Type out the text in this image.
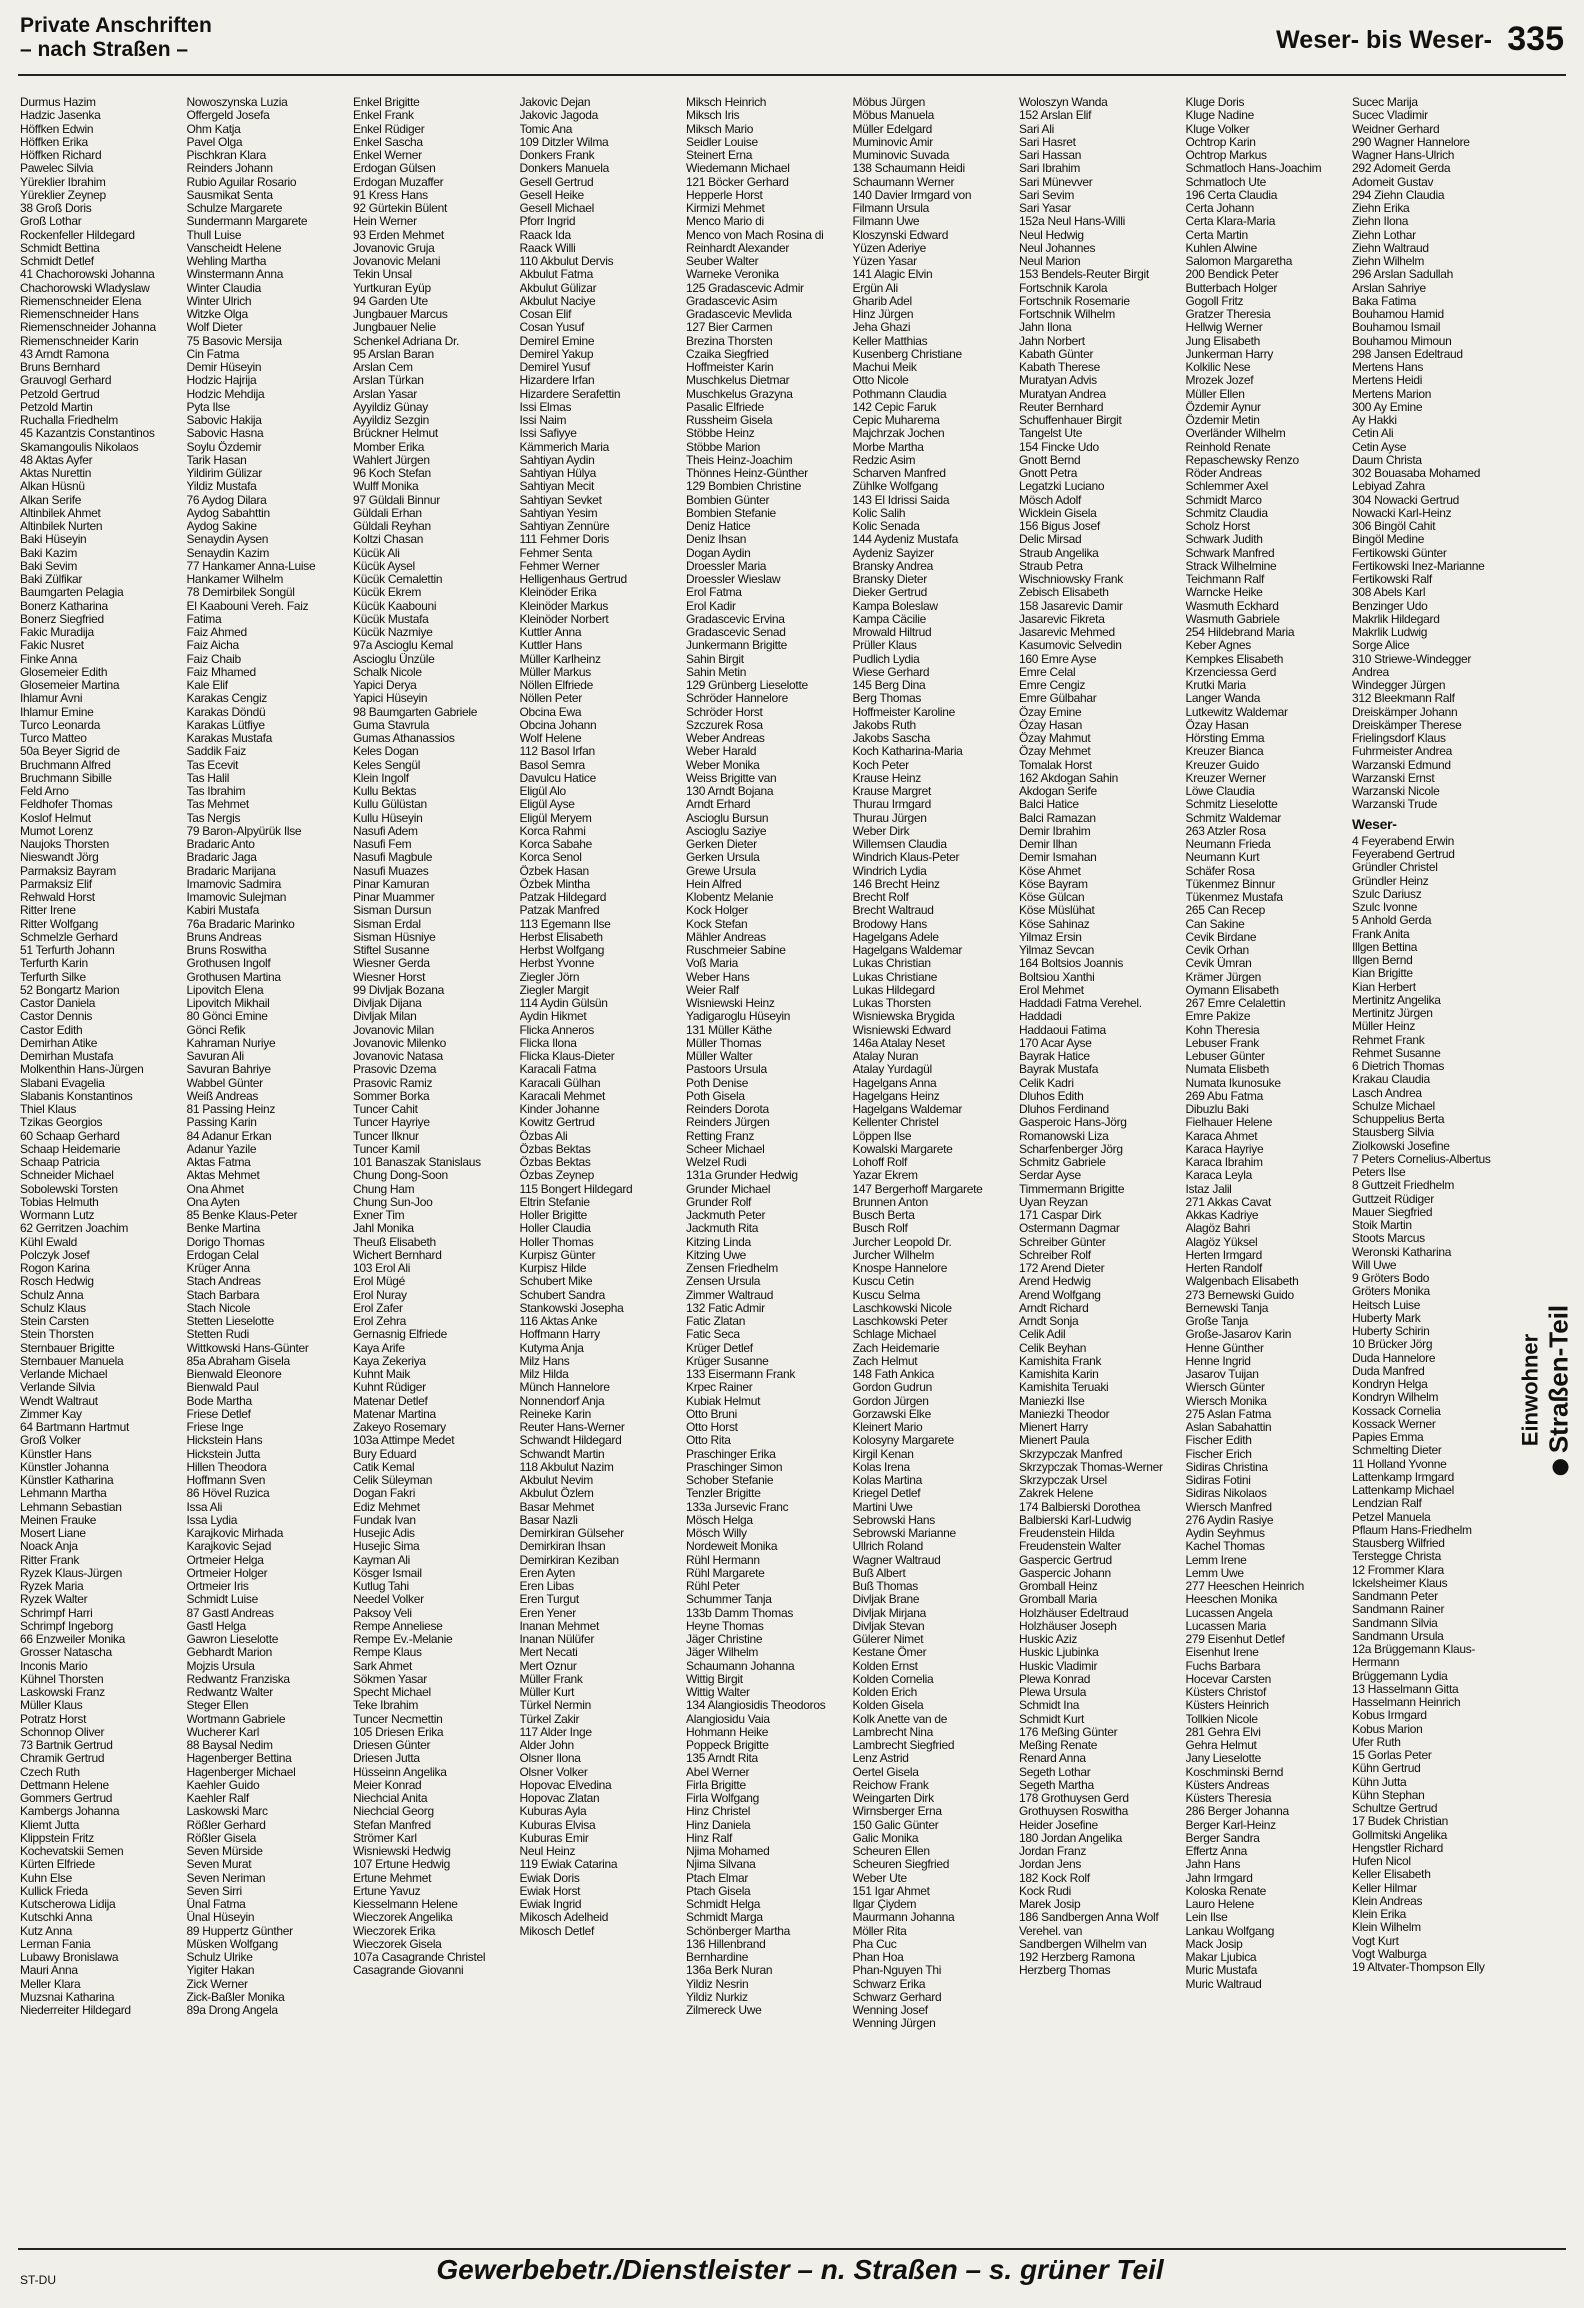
Private Anschriften
– nach Straßen –	Weser- bis Weser- 335
Durmus Hazim
Hadzic Jasenka
Höffken Edwin
Höffken Erika
Höffken Richard
Pawelec Silvia
Yüreklier Ibrahim
Yüreklier Zeynep
38 Groß Doris
Groß Lothar
Rockenfeller Hildegard
Schmidt Bettina
Schmidt Detlef
41 Chachorowski Johanna
Chachorowski Wladyslaw
Riemenschneider Elena
Riemenschneider Hans
Riemenschneider Johanna
Riemenschneider Karin
43 Arndt Ramona
Bruns Bernhard
Grauvogl Gerhard
Petzold Gertrud
Petzold Martin
Ruchalla Friedhelm
45 Kazantzis Constantinos
Skamangoulis Nikolaos
48 Aktas Ayfer
Aktas Nurettin
Alkan Hüsnü
Alkan Serife
Altinbilek Ahmet
Altinbilek Nurten
Baki Hüseyin
Baki Kazim
Baki Sevim
Baki Zülfikar
Baumgarten Pelagia
Bonerz Katharina
Bonerz Siegfried
Fakic Muradija
Fakic Nusret
Finke Anna
Glosemeier Edith
Glosemeier Martina
Ihlamur Avni
Ihlamur Emine
Turco Leonarda
Turco Matteo
50a Beyer Sigrid de
Bruchmann Alfred
Bruchmann Sibille
Feld Arno
Feldhofer Thomas
Koslof Helmut
Mumot Lorenz
Naujoks Thorsten
Nieswandt Jörg
Parmaksiz Bayram
Parmaksiz Elif
Rehwald Horst
Ritter Irene
Ritter Wolfgang
Schmelzle Gerhard
51 Terfurth Johann
Terfurth Karin
Terfurth Silke
52 Bongartz Marion
Castor Daniela
Castor Dennis
Castor Edith
Demirhan Atike
Demirhan Mustafa
Molkenthin Hans-Jürgen
Slabani Evagelia
Slabanis Konstantinos
Thiel Klaus
Tzikas Georgios
60 Schaap Gerhard
Schaap Heidemarie
Schaap Patricia
Schneider Michael
Sobolewski Torsten
Tobias Helmuth
Wormann Lutz
62 Gerritzen Joachim
Kühl Ewald
Polczyk Josef
Rogon Karina
Rosch Hedwig
Schulz Anna
Schulz Klaus
Stein Carsten
Stein Thorsten
Sternbauer Brigitte
Sternbauer Manuela
Verlande Michael
Verlande Silvia
Wendt Waltraut
Zimmer Kay
64 Bartmann Hartmut
Groß Volker
Künstler Hans
Künstler Johanna
Künstler Katharina
Lehmann Martha
Lehmann Sebastian
Meinen Frauke
Mosert Liane
Noack Anja
Ritter Frank
Ryzek Klaus-Jürgen
Ryzek Maria
Ryzek Walter
Schrimpf Harri
Schrimpf Ingeborg
66 Enzweiler Monika
Grosser Natascha
Inconis Mario
Kühnel Thorsten
Laskowski Franz
Müller Klaus
Potratz Horst
Schonnop Oliver
73 Bartnik Gertrud
Chramik Gertrud
Czech Ruth
Dettmann Helene
Gommers Gertrud
Kambergs Johanna
Kliemt Jutta
Klippstein Fritz
Kochevatskii Semen
Kürten Elfriede
Kuhn Else
Kullick Frieda
Kutscherowa Lidija
Kutschki Anna
Kutz Anna
Lerman Fania
Lubawy Bronislawa
Mauri Anna
Meller Klara
Muzsnai Katharina
Niederreiter Hildegard
Nowoszynska Luzia
Offergeld Josefa
Ohm Katja
Pavel Olga
Pischkran Klara
Reinders Johann
Rubio Aguilar Rosario
Sausmikat Senta
Schulze Margarete
Sundermann Margarete
Thull Luise
Vanscheidt Helene
Wehling Martha
Winstermann Anna
Winter Claudia
Winter Ulrich
Witzke Olga
Wolf Dieter
75 Basovic Mersija
Cin Fatma
Demir Hüseyin
Hodzic Hajrija
Hodzic Mehdija
Pyta Ilse
Sabovic Hakija
Sabovic Hasna
Soylu Özdemir
Tarik Hasan
Yildirim Gülizar
Yildiz Mustafa
76 Aydog Dilara
Aydog Sabahttin
Aydog Sakine
Senaydin Aysen
Senaydin Kazim
77 Hankamer Anna-Luise
Hankamer Wilhelm
78 Demirbilek Songül
El Kaabouni Vereh. Faiz
Fatima
Faiz Ahmed
Faiz Aicha
Faiz Chaib
Faiz Mhamed
Kale Elif
Karakas Cengiz
Karakas Döndü
Karakas Lütfiye
Karakas Mustafa
Saddik Faiz
Tas Ecevit
Tas Halil
Tas Ibrahim
Tas Mehmet
Tas Nergis
79 Baron-Alpyürük Ilse
Bradaric Anto
Bradaric Jaga
Bradaric Marijana
Imamovic Sadmira
Imamovic Sulejman
Kabiri Mustafa
76a Bradaric Marinko
Bruns Andreas
Bruns Roswitha
Grothusen Ingolf
Grothusen Martina
Lipovitch Elena
Lipovitch Mikhail
80 Gönci Emine
Gönci Refik
Kahraman Nuriye
Savuran Ali
Savuran Bahriye
Wabbel Günter
Weiß Andreas
81 Passing Heinz
Passing Karin
84 Adanur Erkan
Adanur Yazile
Aktas Fatma
Aktas Mehmet
Ona Ahmet
Ona Ayten
85 Benke Klaus-Peter
Benke Martina
Dorigo Thomas
Erdogan Celal
Krüger Anna
Stach Andreas
Stach Barbara
Stach Nicole
Stetten Lieselotte
Stetten Rudi
Wittkowski Hans-Günter
85a Abraham Gisela
Bienwald Eleonore
Bienwald Paul
Bode Martha
Friese Detlef
Friese Inge
Hickstein Hans
Hickstein Jutta
Hillen Theodora
Hoffmann Sven
86 Hövel Ruzica
Issa Ali
Issa Lydia
Karajkovic Mirhada
Karajkovic Sejad
Ortmeier Helga
Ortmeier Holger
Ortmeier Iris
Schmidt Luise
87 Gastl Andreas
Gastl Helga
Gawron Lieselotte
Gebhardt Marion
Mojzis Ursula
Redwantz Franziska
Redwantz Walter
Steger Ellen
Wortmann Gabriele
Wucherer Karl
88 Baysal Nedim
Hagenberger Bettina
Hagenberger Michael
Kaehler Guido
Kaehler Ralf
Laskowski Marc
Rößler Gerhard
Rößler Gisela
Seven Mürside
Seven Murat
Seven Neriman
Seven Sirri
Ünal Fatma
Ünal Hüseyin
89 Huppertz Günther
Müsken Wolfgang
Schulz Ulrike
Yigiter Hakan
Zick Werner
Zick-Baßler Monika
89a Drong Angela
Enkel Brigitte
Enkel Frank
Enkel Rüdiger
Enkel Sascha
Enkel Werner
Erdogan Gülsen
Erdogan Muzaffer
91 Kress Hans
92 Gürtekin Bülent
Hein Werner
93 Erden Mehmet
Jovanovic Gruja
Jovanovic Melani
Tekin Unsal
Yurtkuran Eyüp
94 Garden Ute
Jungbauer Marcus
Jungbauer Nelie
Schenkel Adriana Dr.
95 Arslan Baran
Arslan Cem
Arslan Türkan
Arslan Yasar
Ayyildiz Günay
Ayyildiz Sezgin
Brückner Helmut
Momber Erika
Wahlert Jürgen
96 Koch Stefan
Wulff Monika
97 Güldali Binnur
Güldali Erhan
Güldali Reyhan
Koltzi Chasan
Kücük Ali
Kücük Aysel
Kücük Cemalettin
Kücük Ekrem
Kücük Kaabouni
Kücük Mustafa
Kücük Nazmiye
97a Ascioglu Kemal
Ascioglu Ünzüle
Schalk Nicole
Yapici Derya
Yapici Hüseyin
98 Baumgarten Gabriele
Guma Stavrula
Gumas Athanassios
Keles Dogan
Keles Sengül
Klein Ingolf
Kullu Bektas
Kullu Gülüstan
Kullu Hüseyin
Nasufi Adem
Nasufi Fem
Nasufi Magbule
Nasufi Muazes
Pinar Kamuran
Pinar Muammer
Sisman Dursun
Sisman Erdal
Sisman Hüsniye
Stiftel Susanne
Wiesner Gerda
Wiesner Horst
99 Divljak Bozana
Divljak Dijana
Divljak Milan
Jovanovic Milan
Jovanovic Milenko
Jovanovic Natasa
Prasovic Dzema
Prasovic Ramiz
Sommer Borka
Tuncer Cahit
Tuncer Hayriye
Tuncer Ilknur
Tuncer Kamil
101 Banaszak Stanislaus
Chung Dong-Soon
Chung Ham
Chung Sun-Joo
Exner Tim
Jahl Monika
Theuß Elisabeth
Wichert Bernhard
103 Erol Ali
Erol Mügé
Erol Nuray
Erol Zafer
Erol Zehra
Gernasnig Elfriede
Kaya Arife
Kaya Zekeriya
Kuhnt Maik
Kuhnt Rüdiger
Matenar Detlef
Matenar Martina
Zakeyo Rosemary
103a Attimpe Medet
Bury Eduard
Catik Kemal
Celik Süleyman
Dogan Fakri
Ediz Mehmet
Fundak Ivan
Husejic Adis
Husejic Sima
Kayman Ali
Kösger Ismail
Kutlug Tahi
Needel Volker
Paksoy Veli
Rempe Anneliese
Rempe Ev.-Melanie
Rempe Klaus
Sark Ahmet
Sökmen Yasar
Specht Michael
Teke Ibrahim
Tuncer Necmettin
105 Driesen Erika
Driesen Günter
Driesen Jutta
Hüsseinn Angelika
Meier Konrad
Niechcial Anita
Niechcial Georg
Stefan Manfred
Strömer Karl
Wisniewski Hedwig
107 Ertune Hedwig
Ertune Mehmet
Ertune Yavuz
Kiesselmann Helene
Wieczorek Angelika
Wieczorek Erika
Wieczorek Gisela
107a Casagrande Christel
Casagrande Giovanni
Jakovic Dejan
Jakovic Jagoda
Tomic Ana
109 Ditzler Wilma
Donkers Frank
Donkers Manuela
Gesell Gertrud
Gesell Heike
Gesell Michael
Pforr Ingrid
Raack Ida
Raack Willi
110 Akbulut Dervis
Akbulut Fatma
Akbulut Gülizar
Akbulut Naciye
Cosan Elif
Cosan Yusuf
Demirel Emine
Demirel Yakup
Demirel Yusuf
Hizardere Irfan
Hizardere Serafettin
Issi Elmas
Issi Naim
Issi Safiyye
Kämmerich Maria
Sahtiyan Aydin
Sahtiyan Hülya
Sahtiyan Mecit
Sahtiyan Sevket
Sahtiyan Yesim
Sahtiyan Zennüre
111 Fehmer Doris
Fehmer Senta
Fehmer Werner
Helligenhaus Gertrud
Kleinöder Erika
Kleinöder Markus
Kleinöder Norbert
Kuttler Anna
Kuttler Hans
Müller Karlheinz
Müller Markus
Nöllen Elfriede
Nöllen Peter
Obcina Ewa
Obcina Johann
Wolf Helene
112 Basol Irfan
Basol Semra
Davulcu Hatice
Eligül Alo
Eligül Ayse
Eligül Meryem
Korca Rahmi
Korca Sabahe
Korca Senol
Özbek Hasan
Özbek Mintha
Patzak Hildegard
Patzak Manfred
113 Egemann Ilse
Herbst Elisabeth
Herbst Wolfgang
Herbst Yvonne
Ziegler Jörn
Ziegler Margit
114 Aydin Gülsün
Aydin Hikmet
Flicka Anneros
Flicka Ilona
Flicka Klaus-Dieter
Karacali Fatma
Karacali Gülhan
Karacali Mehmet
Kinder Johanne
Kowitz Gertrud
Özbas Ali
Özbas Bektas
Özbas Bektas
Özbas Zeynep
115 Bongert Hildegard
Eltrin Stefanie
Holler Brigitte
Holler Claudia
Holler Thomas
Kurpisz Günter
Kurpisz Hilde
Schubert Mike
Schubert Sandra
Stankowski Josepha
116 Aktas Anke
Hoffmann Harry
Kutyma Anja
Milz Hans
Milz Hilda
Münch Hannelore
Nonnendorf Anja
Reineke Karin
Reuter Hans-Werner
Schwandt Hildegard
Schwandt Martin
118 Akbulut Nazim
Akbulut Nevim
Akbulut Özlem
Basar Mehmet
Basar Nazli
Demirkiran Gülseher
Demirkiran Ihsan
Demirkiran Keziban
Eren Ayten
Eren Libas
Eren Turgut
Eren Yener
Inanan Mehmet
Inanan Nülüfer
Mert Necati
Mert Oznur
Müller Frank
Müller Kurt
Türkel Nermin
Türkel Zakir
117 Alder Inge
Alder John
Olsner Ilona
Olsner Volker
Hopovac Elvedina
Hopovac Zlatan
Kuburas Ayla
Kuburas Elvisa
Kuburas Emir
Neul Heinz
119 Ewiak Catarina
Ewiak Doris
Ewiak Horst
Ewiak Ingrid
Mikosch Adelheid
Mikosch Detlef
Miksch Heinrich
Miksch Iris
Miksch Mario
Seidler Louise
Steinert Erna
Wiedemann Michael
121 Böcker Gerhard
Hepperle Horst
Kirmizi Mehmet
Menco Mario di
Menco von Mach Rosina di
Reinhardt Alexander
Seuber Walter
Warneke Veronika
125 Gradascevic Admir
Gradascevic Asim
Gradascevic Mevlida
127 Bier Carmen
Brezina Thorsten
Czaika Siegfried
Hoffmeister Karin
Muschkelus Dietmar
Muschkelus Grazyna
Pasalic Elfriede
Russheim Gisela
Stöbbe Heinz
Stöbbe Marion
Theis Heinz-Joachim
Thönnes Heinz-Günther
129 Bombien Christine
Bombien Günter
Bombien Stefanie
Deniz Hatice
Deniz Ihsan
Dogan Aydin
Droessler Maria
Droessler Wieslaw
Erol Fatma
Erol Kadir
Gradascevic Ervina
Gradascevic Senad
Junkermann Brigitte
Sahin Birgit
Sahin Metin
129 Grünberg Lieselotte
Schröder Hannelore
Schröder Horst
Szczurek Rosa
Weber Andreas
Weber Harald
Weber Monika
Weiss Brigitte van
130 Arndt Bojana
Arndt Erhard
Ascioglu Bursun
Ascioglu Saziye
Gerken Dieter
Gerken Ursula
Grewe Ursula
Hein Alfred
Klobentz Melanie
Kock Holger
Kock Stefan
Mähler Andreas
Ruschmeier Sabine
Voß Maria
Weber Hans
Weier Ralf
Wisniewski Heinz
Yadigaroglu Hüseyin
131 Müller Käthe
Müller Thomas
Müller Walter
Pastoors Ursula
Poth Denise
Poth Gisela
Reinders Dorota
Reinders Jürgen
Retting Franz
Scheer Michael
Welzel Rudi
131a Grunder Hedwig
Grunder Michael
Grunder Rolf
Jackmuth Peter
Jackmuth Rita
Kitzing Linda
Kitzing Uwe
Zensen Friedhelm
Zensen Ursula
Zimmer Waltraud
132 Fatic Admir
Fatic Zlatan
Fatic Seca
Krüger Detlef
Krüger Susanne
133 Eisermann Frank
Krpec Rainer
Kubiak Helmut
Otto Bruni
Otto Horst
Otto Rita
Praschinger Erika
Praschinger Simon
Schober Stefanie
Tenzler Brigitte
133a Jursevic Franc
Mösch Helga
Mösch Willy
Nordeweit Monika
Rühl Hermann
Rühl Margarete
Rühl Peter
Schummer Tanja
133b Damm Thomas
Heyne Thomas
Jäger Christine
Jäger Wilhelm
Schaumann Johanna
Wittig Birgit
Wittig Walter
134 Alangiosidis Theodoros
Alangiosidu Vaia
Hohmann Heike
Poppeck Brigitte
135 Arndt Rita
Abel Werner
Firla Brigitte
Firla Wolfgang
Hinz Christel
Hinz Daniela
Hinz Ralf
Njima Mohamed
Njima Silvana
Ptach Elmar
Ptach Gisela
Schmidt Helga
Schmidt Marga
Schönberger Martha
136 Hillenbrand
Bernhardine
136a Berk Nuran
Yildiz Nesrin
Yildiz Nurkiz
Zilmereck Uwe
Möbus Jürgen
Möbus Manuela
Müller Edelgard
Muminovic Amir
Muminovic Suvada
138 Schaumann Heidi
Schaumann Werner
140 Davier Irmgard von
Filmann Ursula
Filmann Uwe
Kloszynski Edward
Yüzen Aderiye
Yüzen Yasar
141 Alagic Elvin
Ergün Ali
Gharib Adel
Hinz Jürgen
Jeha Ghazi
Keller Matthias
Kusenberg Christiane
Machui Meik
Otto Nicole
Pothmann Claudia
142 Cepic Faruk
Cepic Muharema
Majchrzak Jochen
Morbe Martha
Redzic Asim
Scharven Manfred
Zühlke Wolfgang
143 El Idrissi Saida
Kolic Salih
Kolic Senada
144 Aydeniz Mustafa
Aydeniz Sayizer
Bransky Andrea
Bransky Dieter
Dieker Gertrud
Kampa Boleslaw
Kampa Cäcilie
Mrowald Hiltrud
Prüller Klaus
Pudlich Lydia
Wiese Gerhard
145 Berg Dina
Berg Thomas
Hoffmeister Karoline
Jakobs Ruth
Jakobs Sascha
Koch Katharina-Maria
Koch Peter
Krause Heinz
Krause Margret
Thurau Irmgard
Thurau Jürgen
Weber Dirk
Willemsen Claudia
Windrich Klaus-Peter
Windrich Lydia
146 Brecht Heinz
Brecht Rolf
Brecht Waltraud
Brodowy Hans
Hagelgans Adele
Hagelgans Waldemar
Lukas Christian
Lukas Christiane
Lukas Hildegard
Lukas Thorsten
Wisniewska Brygida
Wisniewski Edward
146a Atalay Neset
Atalay Nuran
Atalay Yurdagül
Hagelgans Anna
Hagelgans Heinz
Hagelgans Waldemar
Kellenter Christel
Löppen Ilse
Kowalski Margarete
Lohoff Rolf
Yazar Ekrem
147 Bergerhoff Margarete
Brunnen Anton
Busch Berta
Busch Rolf
Jurcher Leopold Dr.
Jurcher Wilhelm
Knospe Hannelore
Kuscu Cetin
Kuscu Selma
Laschkowski Nicole
Laschkowski Peter
Schlage Michael
Zach Heidemarie
Zach Helmut
148 Fath Ankica
Gordon Gudrun
Gordon Jürgen
Gorzawski Elke
Kleinert Mario
Kolosyny Margarete
Kirgil Kenan
Kolas Irena
Kolas Martina
Kriegel Detlef
Martini Uwe
Sebrowski Hans
Sebrowski Marianne
Ullrich Roland
Wagner Waltraud
Buß Albert
Buß Thomas
Divljak Brane
Divljak Mirjana
Divljak Stevan
Gülerer Nimet
Kestane Ömer
Kolden Ernst
Kolden Cornelia
Kolden Erich
Kolden Gisela
Kolk Anette van de
Lambrecht Nina
Lambrecht Siegfried
Lenz Astrid
Oertel Gisela
Reichow Frank
Weingarten Dirk
Wirnsberger Erna
150 Galic Günter
Galic Monika
Scheuren Ellen
Scheuren Siegfried
Weber Ute
151 Igar Ahmet
Ilgar Çiydem
Maurmann Johanna
Möller Rita
Pha Cuc
Phan Hoa
Phan-Nguyen Thi
Schwarz Erika
Schwarz Gerhard
Wenning Josef
Wenning Jürgen
Woloszyn Wanda
152 Arslan Elif
Sari Ali
Sari Hasret
Sari Hassan
Sari Ibrahim
Sari Münevver
Sari Sevim
Sari Yasar
152a Neul Hans-Willi
Neul Hedwig
Neul Johannes
Neul Marion
153 Bendels-Reuter Birgit
Fortschnik Karola
Fortschnik Rosemarie
Fortschnik Wilhelm
Jahn Ilona
Jahn Norbert
Kabath Günter
Kabath Therese
Muratyan Advis
Muratyan Andrea
Reuter Bernhard
Schuffenhauer Birgit
Tangelst Ute
154 Fincke Udo
Gnott Bernd
Gnott Petra
Legatzki Luciano
Mösch Adolf
Wicklein Gisela
156 Bigus Josef
Delic Mirsad
Straub Angelika
Straub Petra
Wischniowsky Frank
Zebisch Elisabeth
158 Jasarevic Damir
Jasarevic Fikreta
Jasarevic Mehmed
Kasumovic Selvedin
160 Emre Ayse
Emre Celal
Emre Cengiz
Emre Gülbahar
Özay Emine
Özay Hasan
Özay Mahmut
Özay Mehmet
Tomalak Horst
162 Akdogan Sahin
Akdogan Serife
Balci Hatice
Balci Ramazan
Demir Ibrahim
Demir Ilhan
Demir Ismahan
Köse Ahmet
Köse Bayram
Köse Gülcan
Köse Müslühat
Köse Sahinaz
Yilmaz Ersin
Yilmaz Sevcan
164 Boltsios Joannis
Boltsiou Xanthi
Erol Mehmet
Haddadi Fatma Verehel.
Haddadi
Haddaoui Fatima
170 Acar Ayse
Bayrak Hatice
Bayrak Mustafa
Celik Kadri
Dluhos Edith
Dluhos Ferdinand
Gasperoic Hans-Jörg
Romanowski Liza
Scharfenberger Jörg
Schmitz Gabriele
Serdar Ayse
Timmermann Brigitte
Uyan Reyzan
171 Caspar Dirk
Ostermann Dagmar
Schreiber Günter
Schreiber Rolf
172 Arend Dieter
Arend Hedwig
Arend Wolfgang
Arndt Richard
Arndt Sonja
Celik Adil
Celik Beyhan
Kamishita Frank
Kamishita Karin
Kamishita Teruaki
Maniezki Ilse
Maniezki Theodor
Mienert Harry
Mienert Paula
Skrzypczak Manfred
Skrzypczak Thomas-Werner
Skrzypczak Ursel
Zakrek Helene
174 Balbierski Dorothea
Balbierski Karl-Ludwig
Freudenstein Hilda
Freudenstein Walter
Gaspercic Gertrud
Gaspercic Johann
Gromball Heinz
Gromball Maria
Holzhäuser Edeltraud
Holzhäuser Joseph
Huskic Aziz
Huskic Ljubinka
Huskic Vladimir
Plewa Konrad
Plewa Ursula
Schmidt Ina
Schmidt Kurt
176 Meßing Günter
Meßing Renate
Renard Anna
Segeth Lothar
Segeth Martha
178 Grothuysen Gerd
Grothuysen Roswitha
Heider Josefine
180 Jordan Angelika
Jordan Franz
Jordan Jens
182 Kock Rolf
Kock Rudi
Marek Josip
186 Sandbergen Anna Wolf
Verehel. van
Sandbergen Wilhelm van
192 Herzberg Ramona
Herzberg Thomas
Kluge Doris
Kluge Nadine
Kluge Volker
Ochtrop Karin
Ochtrop Markus
Schmatloch Hans-Joachim
Schmatloch Ute
196 Certa Claudia
Certa Johann
Certa Klara-Maria
Certa Martin
Kuhlen Alwine
Salomon Margaretha
200 Bendick Peter
Butterbach Holger
Gogoll Fritz
Gratzer Theresia
Hellwig Werner
Jung Elisabeth
Junkerman Harry
Kolkilic Nese
Mrozek Jozef
Müller Ellen
Özdemir Aynur
Özdemir Metin
Overländer Wilhelm
Reinhold Renate
Repaschewsky Renzo
Röder Andreas
Schlemmer Axel
Schmidt Marco
Schmitz Claudia
Scholz Horst
Schwark Judith
Schwark Manfred
Strack Wilhelmine
Teichmann Ralf
Warncke Heike
Wasmuth Eckhard
Wasmuth Gabriele
254 Hildebrand Maria
Keber Agnes
Kempkes Elisabeth
Krzenciessa Gerd
Krutki Maria
Langer Wanda
Lutkewitz Waldemar
Özay Hasan
Hörsting Emma
Kreuzer Bianca
Kreuzer Guido
Kreuzer Werner
Löwe Claudia
Schmitz Lieselotte
Schmitz Waldemar
263 Atzler Rosa
Neumann Frieda
Neumann Kurt
Schäfer Rosa
Tükenmez Binnur
Tükenmez Mustafa
265 Can Recep
Can Sakine
Cevik Birdane
Cevik Orhan
Cevik Ümran
Krämer Jürgen
Oymann Elisabeth
267 Emre Celalettin
Emre Pakize
Kohn Theresia
Lebuser Frank
Lebuser Günter
Numata Elisbeth
Numata Ikunosuke
269 Abu Fatma
Dibuzlu Baki
Fielhauer Helene
Karaca Ahmet
Karaca Hayriye
Karaca Ibrahim
Karaca Leyla
Istaz Jalil
271 Akkas Cavat
Akkas Kadriye
Alagöz Bahri
Alagöz Yüksel
Herten Irmgard
Herten Randolf
Walgenbach Elisabeth
273 Bernewski Guido
Bernewski Tanja
Große Tanja
Große-Jasarov Karin
Henne Günther
Henne Ingrid
Jasarov Tuijan
Wiersch Günter
Wiersch Monika
275 Aslan Fatma
Aslan Sabahattin
Fischer Edith
Fischer Erich
Sidiras Christina
Sidiras Fotini
Sidiras Nikolaos
Wiersch Manfred
276 Aydin Rasiye
Aydin Seyhmus
Kachel Thomas
Lemm Irene
Lemm Uwe
277 Heeschen Heinrich
Heeschen Monika
Lucassen Angela
Lucassen Maria
279 Eisenhut Detlef
Eisenhut Irene
Fuchs Barbara
Hocevar Carsten
Küsters Christof
Küsters Heinrich
Tollkien Nicole
281 Gehra Elvi
Gehra Helmut
Jany Lieselotte
Koschminski Bernd
Küsters Andreas
Küsters Theresia
286 Berger Johanna
Berger Karl-Heinz
Berger Sandra
Effertz Anna
Jahn Hans
Jahn Irmgard
Koloska Renate
Lauro Helene
Lein Ilse
Lankau Wolfgang
Mack Josip
Makar Ljubica
Muric Mustafa
Muric Waltraud
Sucec Marija
Sucec Vladimir
Weidner Gerhard
290 Wagner Hannelore
Wagner Hans-Ulrich
292 Adomeit Gerda
Adomeit Gustav
294 Ziehn Claudia
Ziehn Erika
Ziehn Ilona
Ziehn Lothar
Ziehn Waltraud
Ziehn Wilhelm
296 Arslan Sadullah
Arslan Sahriye
Baka Fatima
Bouhamou Hamid
Bouhamou Ismail
Bouhamou Mimoun
298 Jansen Edeltraud
Mertens Hans
Mertens Heidi
Mertens Marion
300 Ay Emine
Ay Hakki
Cetin Ali
Cetin Ayse
Daum Christa
302 Bouasaba Mohamed
Lebiyad Zahra
304 Nowacki Gertrud
Nowacki Karl-Heinz
306 Bingöl Cahit
Bingöl Medine
Fertikowski Günter
Fertikowski Inez-Marianne
Fertikowski Ralf
308 Abels Karl
Benzinger Udo
Makrlik Hildegard
Makrlik Ludwig
Sorge Alice
310 Striewe-Windegger
Andrea
Windegger Jürgen
312 Bleekmann Ralf
Dreiskämper Johann
Dreiskämper Therese
Frielingsdorf Klaus
Fuhrmeister Andrea
Warzanski Edmund
Warzanski Ernst
Warzanski Nicole
Warzanski Trude
Weser-
4 Feyerabend Erwin
Feyerabend Gertrud
Gründler Christel
Gründler Heinz
Szulc Dariusz
Szulc Ivonne
5 Anhold Gerda
Frank Anita
Illgen Bettina
Illgen Bernd
Kian Brigitte
Kian Herbert
Mertinitz Angelika
Mertinitz Jürgen
Müller Heinz
Rehmet Frank
Rehmet Susanne
6 Dietrich Thomas
Krakau Claudia
Lasch Andrea
Schulze Michael
Schuppelius Berta
Stausberg Silvia
Ziolkowski Josefine
7 Peters Cornelius-Albertus
Peters Ilse
8 Guttzeit Friedhelm
Guttzeit Rüdiger
Mauer Siegfried
Stoik Martin
Stoots Marcus
Weronski Katharina
Will Uwe
9 Gröters Bodo
Gröters Monika
Heitsch Luise
Huberty Mark
Huberty Schirin
10 Brücker Jörg
Duda Hannelore
Duda Manfred
Kondryn Helga
Kondryn Wilhelm
Kossack Cornelia
Kossack Werner
Papies Emma
Schmelting Dieter
11 Holland Yvonne
Lattenkamp Irmgard
Lattenkamp Michael
Lendzian Ralf
Petzel Manuela
Pflaum Hans-Friedhelm
Stausberg Wilfried
Terstegge Christa
12 Frommer Klara
Ickelsheimer Klaus
Sandmann Peter
Sandmann Rainer
Sandmann Silvia
Sandmann Ursula
12a Brüggemann Klaus-
Hermann
Brüggemann Lydia
13 Hasselmann Gitta
Hasselmann Heinrich
Kobus Irmgard
Kobus Marion
Ufer Ruth
15 Gorlas Peter
Kühn Gertrud
Kühn Jutta
Kühn Stephan
Schultze Gertrud
17 Budek Christian
Gollmitski Angelika
Hengstler Richard
Hufen Nicol
Keller Elisabeth
Keller Hilmar
Klein Andreas
Klein Erika
Klein Wilhelm
Vogt Kurt
Vogt Walburga
19 Altvater-Thompson Elly
Einwohner Straßen-Teil
ST-DU	Gewerbebetr./Dienstleister – n. Straßen – s. grüner Teil
